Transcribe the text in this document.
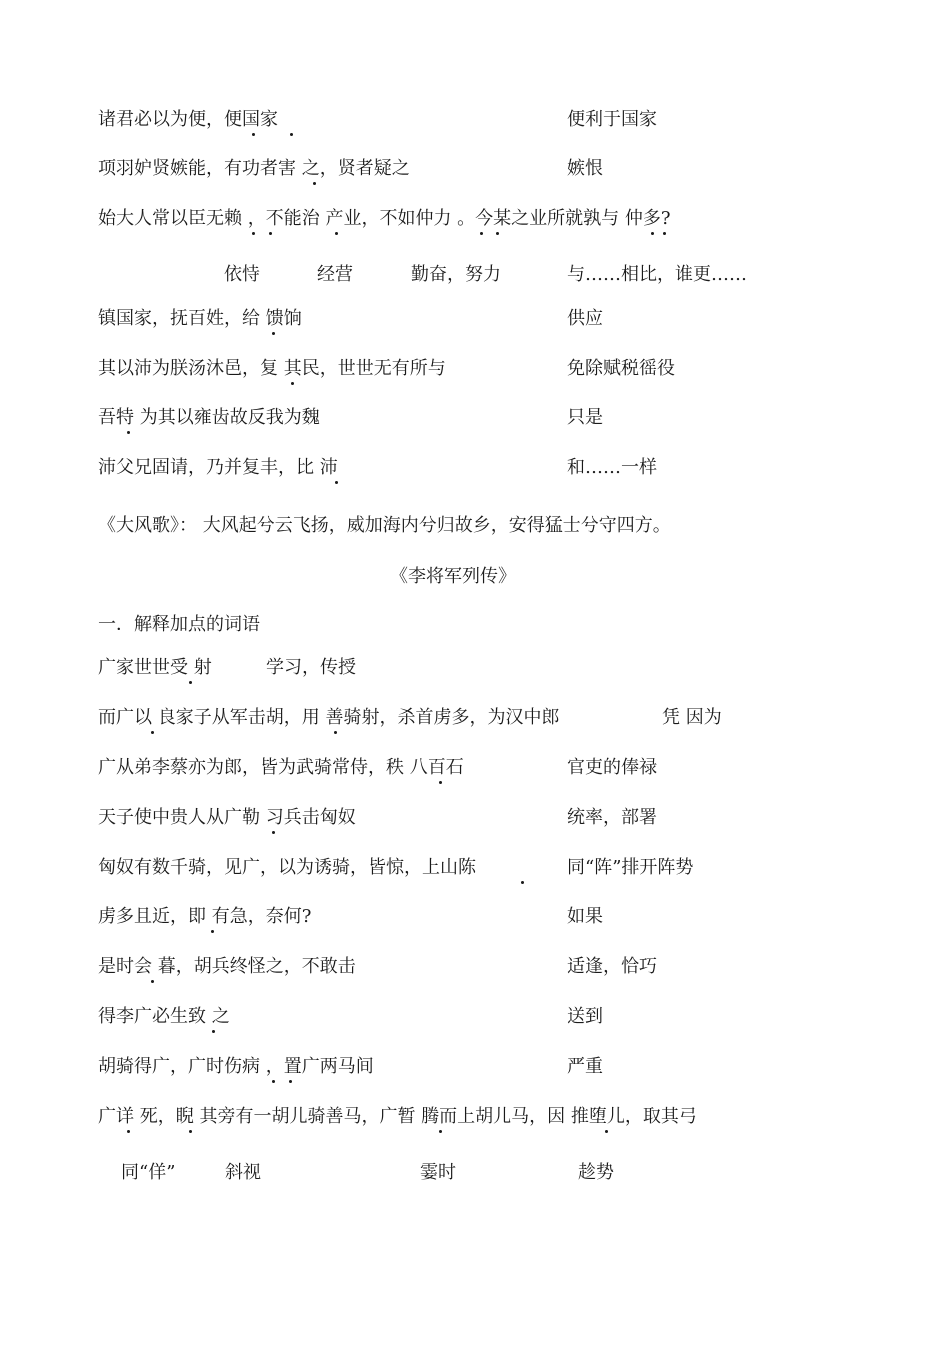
诸君必以为便，便国家	便利于国家
项羽妒贤嫉能，有功者害 之，贤者疑之	嫉恨
始大人常以臣无赖 ，不能治 产业，不如仲力 。今某之业所就孰与 仲多?
依恃	经营	勤奋，努力	与……相比，谁更……
镇国家，抚百姓，给 馈饷	供应
其以沛为朕汤沐邑，复 其民，世世无有所与	免除赋税徭役
吾特 为其以雍齿故反我为魏	只是
沛父兄固请，乃并复丰，比 沛	和……一样
《大风歌》： 大风起兮云飞扬，威加海内兮归故乡，安得猛士兮守四方。
《李将军列传》
一．解释加点的词语
广家世世受 射	学习，传授
而广以 良家子从军击胡，用 善骑射，杀首虏多，为汉中郎	凭 因为
广从弟李蔡亦为郎，皆为武骑常侍，秩 八百石	官吏的俸禄
天子使中贵人从广勒 习兵击匈奴	统率，部署
匈奴有数千骑，见广，以为诱骑，皆惊，上山陈	同“阵”排开阵势
虏多且近，即 有急，奈何?	如果
是时会 暮，胡兵终怪之，不敢击	适逢，恰巧
得李广必生致 之	送到
胡骑得广，广时伤病 ，置广两马间	严重
广详 死，睨 其旁有一胡儿骑善马，广暂 腾而上胡儿马，因 推堕儿，取其弓
同“佯”	斜视	霎时	趁势
